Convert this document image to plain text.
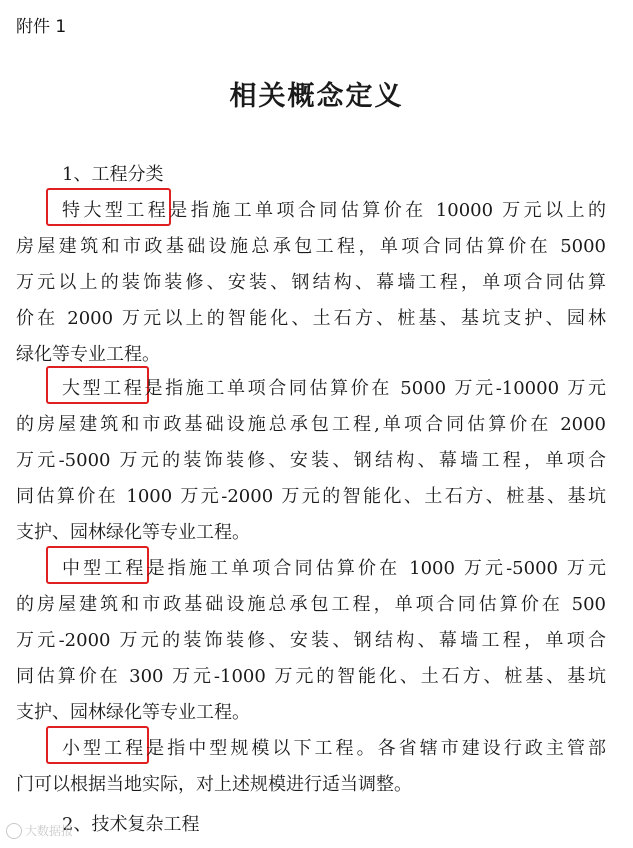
附件 1
相关概念定义
1、工程分类
特大型工程是指施工单项合同估算价在 10000 万元以上的
房屋建筑和市政基础设施总承包工程，单项合同估算价在 5000
万元以上的装饰装修、安装、钢结构、幕墙工程，单项合同估算
价在 2000 万元以上的智能化、土石方、桩基、基坑支护、园林
绿化等专业工程。
大型工程是指施工单项合同估算价在 5000 万元-10000 万元
的房屋建筑和市政基础设施总承包工程,单项合同估算价在 2000
万元-5000 万元的装饰装修、安装、钢结构、幕墙工程，单项合
同估算价在 1000 万元-2000 万元的智能化、土石方、桩基、基坑
支护、园林绿化等专业工程。
中型工程是指施工单项合同估算价在 1000 万元-5000 万元
的房屋建筑和市政基础设施总承包工程，单项合同估算价在 500
万元-2000 万元的装饰装修、安装、钢结构、幕墙工程，单项合
同估算价在 300 万元-1000 万元的智能化、土石方、桩基、基坑
支护、园林绿化等专业工程。
小型工程是指中型规模以下工程。各省辖市建设行政主管部
门可以根据当地实际，对上述规模进行适当调整。
2、技术复杂工程
大数据报
